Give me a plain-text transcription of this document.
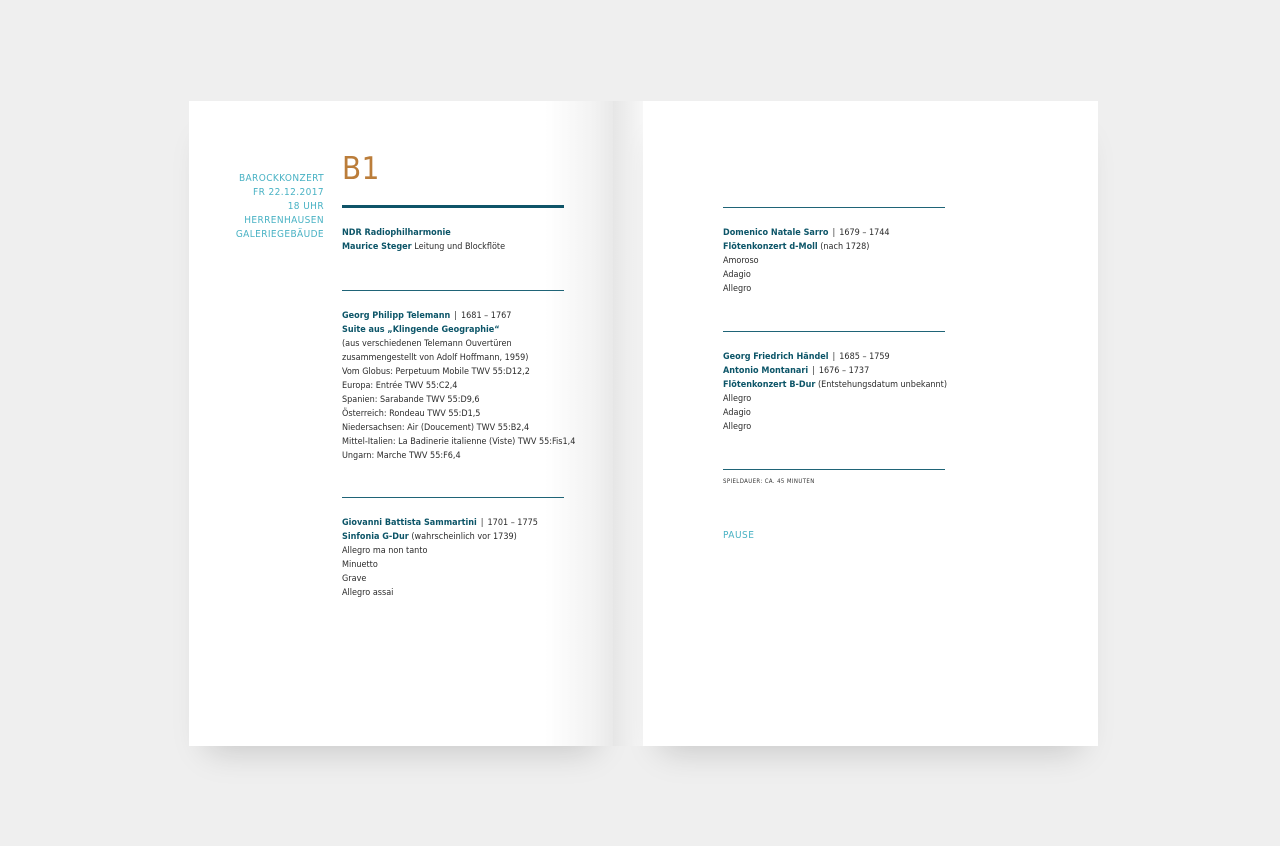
BAROCKKONZERT
FR 22.12.2017
18 UHR
HERRENHAUSEN
GALERIEGEBÄUDE
B1
NDR Radiophilharmonie
Maurice Steger Leitung und Blockflöte
Georg Philipp Telemann | 1681 – 1767
Suite aus „Klingende Geographie“
(aus verschiedenen Telemann Ouvertüren
zusammengestellt von Adolf Hoffmann, 1959)
Vom Globus: Perpetuum Mobile TWV 55:D12,2
Europa: Entrée TWV 55:C2,4
Spanien: Sarabande TWV 55:D9,6
Österreich: Rondeau TWV 55:D1,5
Niedersachsen: Air (Doucement) TWV 55:B2,4
Mittel-Italien: La Badinerie italienne (Viste) TWV 55:Fis1,4
Ungarn: Marche TWV 55:F6,4
Giovanni Battista Sammartini | 1701 – 1775
Sinfonia G-Dur (wahrscheinlich vor 1739)
Allegro ma non tanto
Minuetto
Grave
Allegro assai
Domenico Natale Sarro | 1679 – 1744
Flötenkonzert d-Moll (nach 1728)
Amoroso
Adagio
Allegro
Georg Friedrich Händel | 1685 – 1759
Antonio Montanari | 1676 – 1737
Flötenkonzert B-Dur (Entstehungsdatum unbekannt)
Allegro
Adagio
Allegro
SPIELDAUER: CA. 45 MINUTEN
PAUSE
